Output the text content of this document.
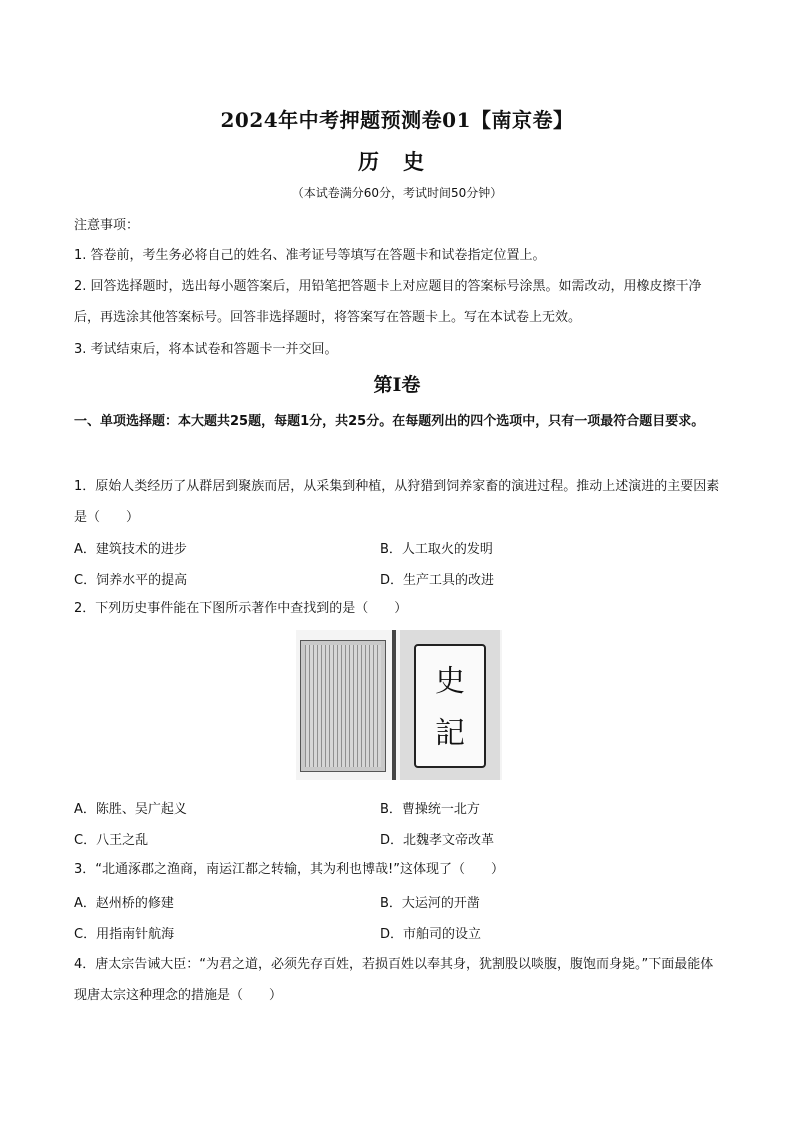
2024年中考押题预测卷01【南京卷】
历史
（本试卷满分60分，考试时间50分钟）
注意事项：
1. 答卷前，考生务必将自己的姓名、准考证号等填写在答题卡和试卷指定位置上。
2. 回答选择题时，选出每小题答案后，用铅笔把答题卡上对应题目的答案标号涂黑。如需改动，用橡皮擦干净后，再选涂其他答案标号。回答非选择题时，将答案写在答题卡上。写在本试卷上无效。
3. 考试结束后，将本试卷和答题卡一并交回。
第Ⅰ卷
一、单项选择题：本大题共25题，每题1分，共25分。在每题列出的四个选项中，只有一项最符合题目要求。
1．原始人类经历了从群居到聚族而居，从采集到种植，从狩猎到饲养家畜的演进过程。推动上述演进的主要因素是（　　）
A．建筑技术的进步	B．人工取火的发明
C．饲养水平的提高	D．生产工具的改进
2．下列历史事件能在下图所示著作中查找到的是（　　）
史
記
A．陈胜、吴广起义	B．曹操统一北方
C．八王之乱	D．北魏孝文帝改革
3．“北通涿郡之渔商，南运江都之转输，其为利也博哉!”这体现了（　　）
A．赵州桥的修建	B．大运河的开凿
C．用指南针航海	D．市舶司的设立
4．唐太宗告诫大臣：“为君之道，必须先存百姓，若损百姓以奉其身，犹割股以啖腹，腹饱而身毙。”下面最能体现唐太宗这种理念的措施是（　　）
